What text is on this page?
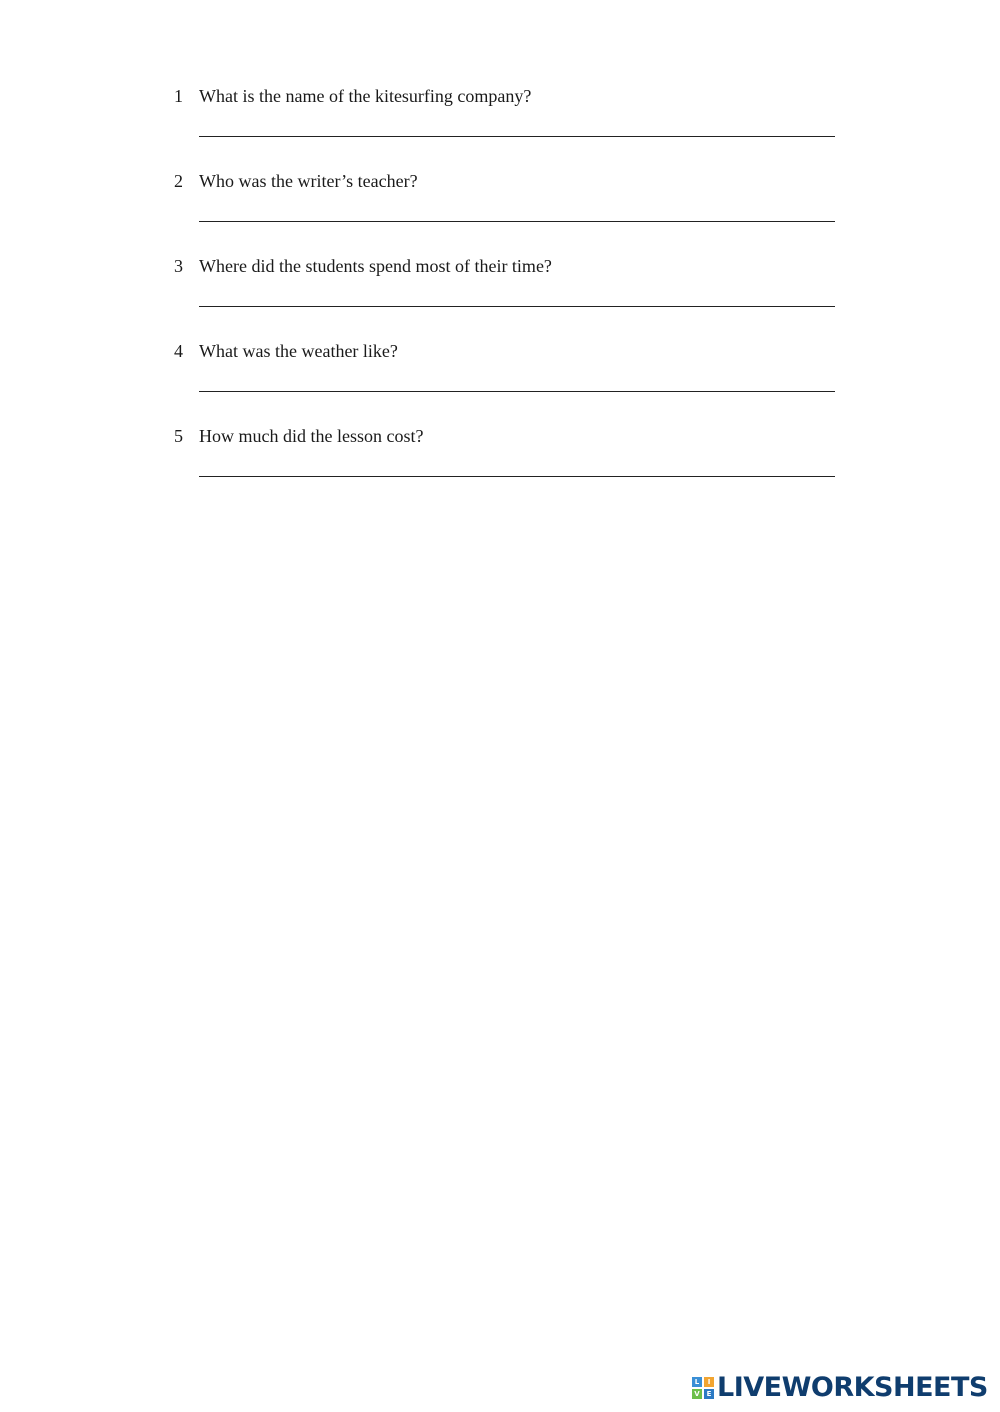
1 What is the name of the kitesurfing company?
2 Who was the writer’s teacher?
3 Where did the students spend most of their time?
4 What was the weather like?
5 How much did the lesson cost?
L	I
V E LIVEWORKSHEETS
